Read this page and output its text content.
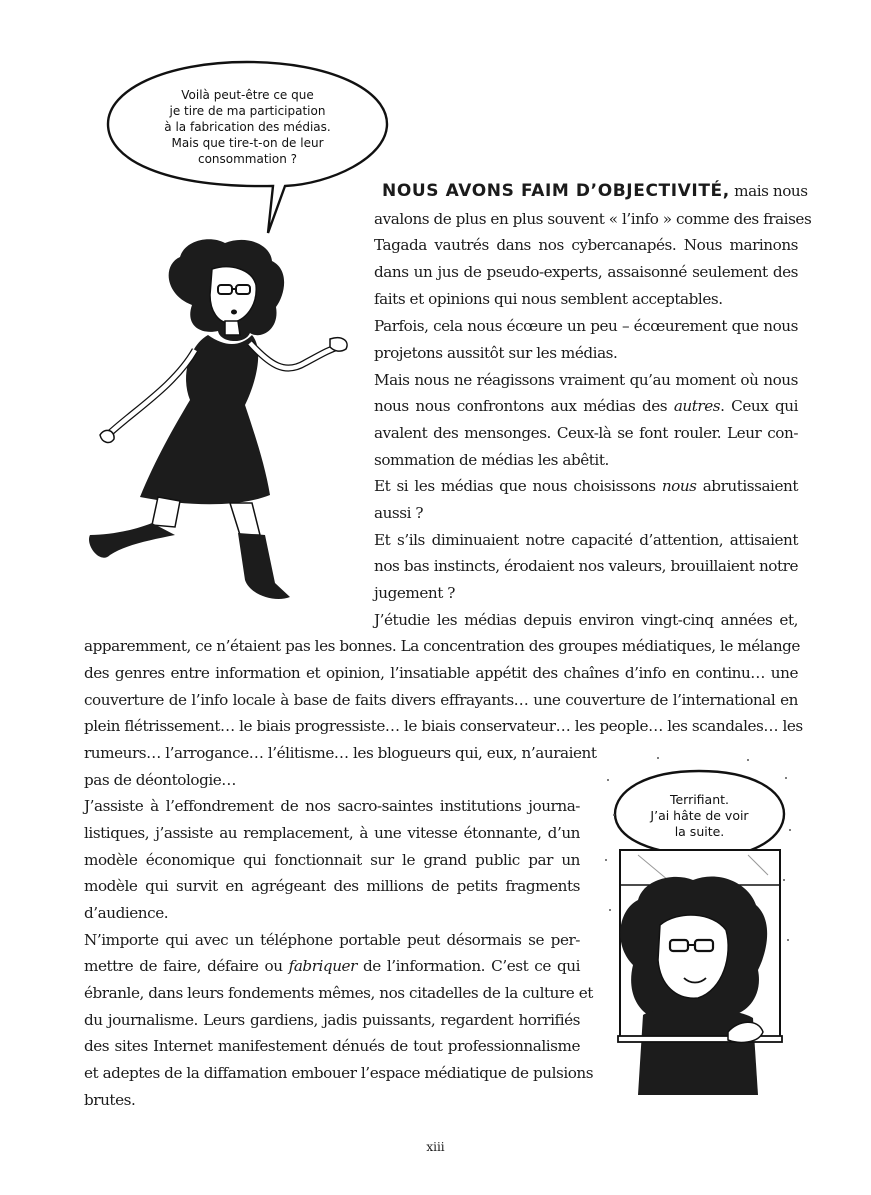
Voilà peut-être ce que
je tire de ma participation
à la fabrication des médias.
Mais que tire-t-on de leur
consommation ?
Terrifiant.
J’ai hâte de voir
la suite.
NOUS AVONS FAIM D’OBJECTIVITÉ, mais nous
avalons de plus en plus souvent « l’info » comme des fraises
Tagada vautrés dans nos cybercanapés. Nous marinons
dans un jus de pseudo-experts, assaisonné seulement des
faits et opinions qui nous semblent acceptables.
Parfois, cela nous écœure un peu – écœurement que nous
projetons aussitôt sur les médias.
Mais nous ne réagissons vraiment qu’au moment où nous
nous nous confrontons aux médias des autres. Ceux qui
avalent des mensonges. Ceux-là se font rouler. Leur con-
sommation de médias les abêtit.
Et si les médias que nous choisissons nous abrutissaient
aussi ?
Et s’ils diminuaient notre capacité d’attention, attisaient
nos bas instincts, érodaient nos valeurs, brouillaient notre
jugement ?
J’étudie les médias depuis environ vingt-cinq années et,
apparemment, ce n’étaient pas les bonnes. La concentration des groupes médiatiques, le mélange
des genres entre information et opinion, l’insatiable appétit des chaînes d’info en continu… une
couverture de l’info locale à base de faits divers effrayants… une couverture de l’international en
plein flétrissement… le biais progressiste… le biais conservateur… les people… les scandales… les
rumeurs… l’arrogance… l’élitisme… les blogueurs qui, eux, n’auraient
pas de déontologie…
J’assiste à l’effondrement de nos sacro-saintes institutions journa-
listiques, j’assiste au remplacement, à une vitesse étonnante, d’un
modèle économique qui fonctionnait sur le grand public par un
modèle qui survit en agrégeant des millions de petits fragments
d’audience.
N’importe qui avec un téléphone portable peut désormais se per-
mettre de faire, défaire ou fabriquer de l’information. C’est ce qui
ébranle, dans leurs fondements mêmes, nos citadelles de la culture et
du journalisme. Leurs gardiens, jadis puissants, regardent horrifiés
des sites Internet manifestement dénués de tout professionnalisme
et adeptes de la diffamation embouer l’espace médiatique de pulsions
brutes.
xiii
